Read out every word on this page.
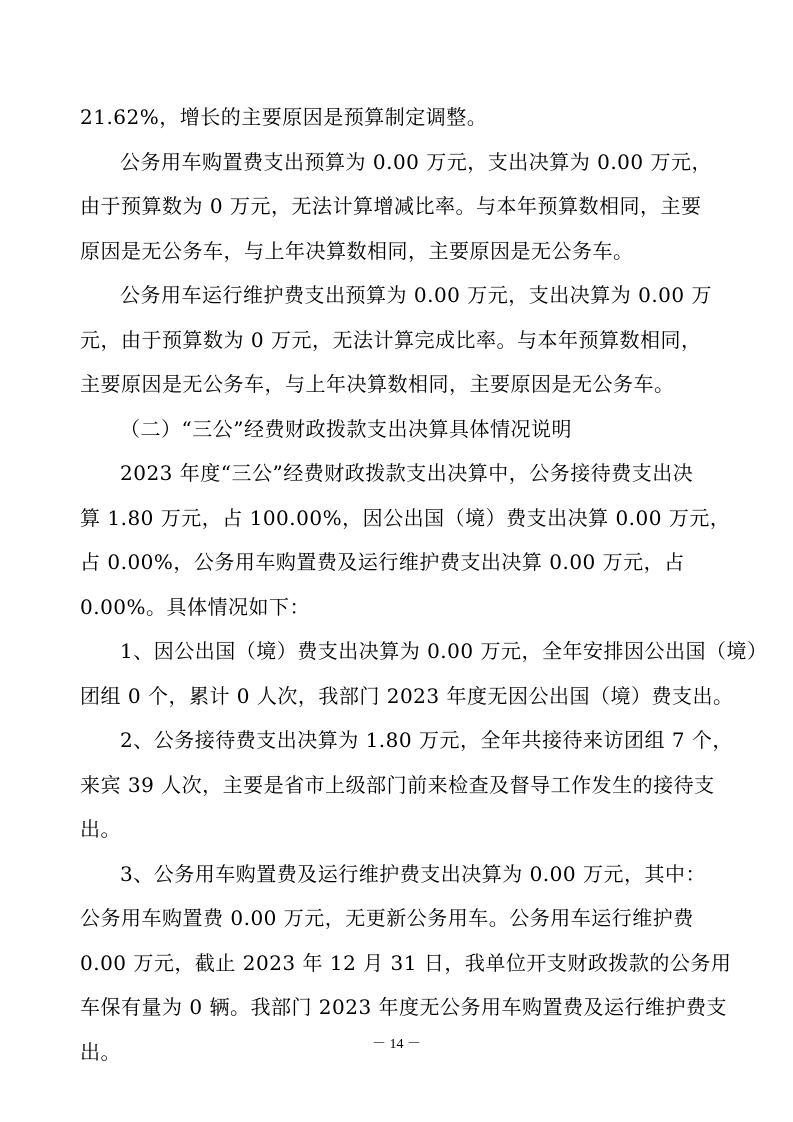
21.62%，增长的主要原因是预算制定调整。
公务用车购置费支出预算为 0.00 万元，支出决算为 0.00 万元，
由于预算数为 0 万元，无法计算增减比率。与本年预算数相同，主要
原因是无公务车，与上年决算数相同，主要原因是无公务车。
公务用车运行维护费支出预算为 0.00 万元，支出决算为 0.00 万
元，由于预算数为 0 万元，无法计算完成比率。与本年预算数相同，
主要原因是无公务车，与上年决算数相同，主要原因是无公务车。
（二）“三公”经费财政拨款支出决算具体情况说明
2023 年度“三公”经费财政拨款支出决算中，公务接待费支出决
算 1.80 万元，占 100.00%，因公出国（境）费支出决算 0.00 万元，
占 0.00%，公务用车购置费及运行维护费支出决算 0.00 万元，占
0.00%。具体情况如下：
1、因公出国（境）费支出决算为 0.00 万元，全年安排因公出国（境）
团组 0 个，累计 0 人次，我部门 2023 年度无因公出国（境）费支出。
2、公务接待费支出决算为 1.80 万元，全年共接待来访团组 7 个，
来宾 39 人次，主要是省市上级部门前来检查及督导工作发生的接待支
出。
3、公务用车购置费及运行维护费支出决算为 0.00 万元，其中：
公务用车购置费 0.00 万元，无更新公务用车。公务用车运行维护费
0.00 万元，截止 2023 年 12 月 31 日，我单位开支财政拨款的公务用
车保有量为 0 辆。我部门 2023 年度无公务用车购置费及运行维护费支
出。	－ 14 －
